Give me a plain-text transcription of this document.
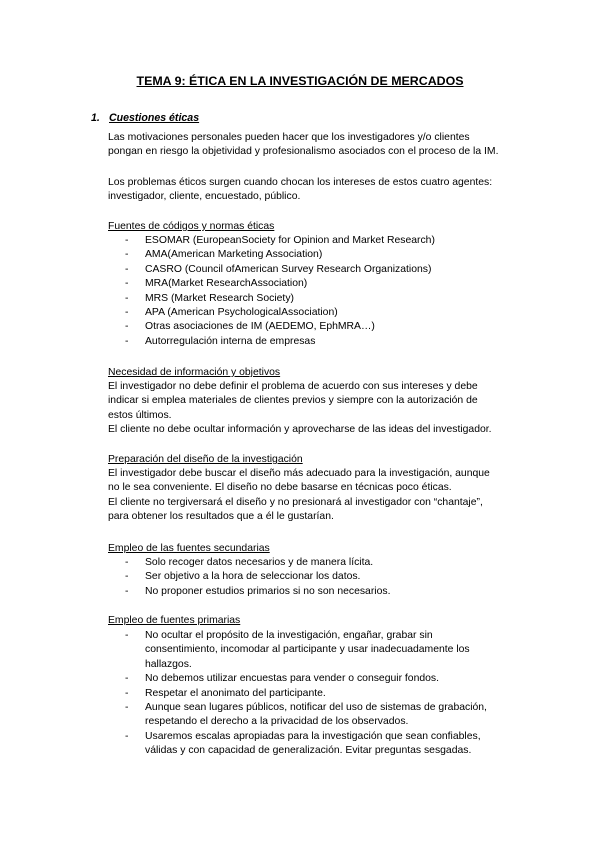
TEMA 9: ÉTICA EN LA INVESTIGACIÓN DE MERCADOS
1. Cuestiones éticas
Las motivaciones personales pueden hacer que los investigadores y/o clientes
pongan en riesgo la objetividad y profesionalismo asociados con el proceso de la IM.
Los problemas éticos surgen cuando chocan los intereses de estos cuatro agentes:
investigador, cliente, encuestado, público.
Fuentes de códigos y normas éticas
- ESOMAR (EuropeanSociety for Opinion and Market Research)
- AMA(American Marketing Association)
- CASRO (Council ofAmerican Survey Research Organizations)
- MRA(Market ResearchAssociation)
- MRS (Market Research Society)
- APA (American PsychologicalAssociation)
- Otras asociaciones de IM (AEDEMO, EphMRA…)
- Autorregulación interna de empresas
Necesidad de información y objetivos
El investigador no debe definir el problema de acuerdo con sus intereses y debe
indicar si emplea materiales de clientes previos y siempre con la autorización de
estos últimos.
El cliente no debe ocultar información y aprovecharse de las ideas del investigador.
Preparación del diseño de la investigación
El investigador debe buscar el diseño más adecuado para la investigación, aunque
no le sea conveniente. El diseño no debe basarse en técnicas poco éticas.
El cliente no tergiversará el diseño y no presionará al investigador con “chantaje”,
para obtener los resultados que a él le gustarían.
Empleo de las fuentes secundarias
- Solo recoger datos necesarios y de manera lícita.
- Ser objetivo a la hora de seleccionar los datos.
- No proponer estudios primarios si no son necesarios.
Empleo de fuentes primarias
- No ocultar el propósito de la investigación, engañar, grabar sin
consentimiento, incomodar al participante y usar inadecuadamente los
hallazgos.
- No debemos utilizar encuestas para vender o conseguir fondos.
- Respetar el anonimato del participante.
- Aunque sean lugares públicos, notificar del uso de sistemas de grabación,
respetando el derecho a la privacidad de los observados.
- Usaremos escalas apropiadas para la investigación que sean confiables,
válidas y con capacidad de generalización. Evitar preguntas sesgadas.
